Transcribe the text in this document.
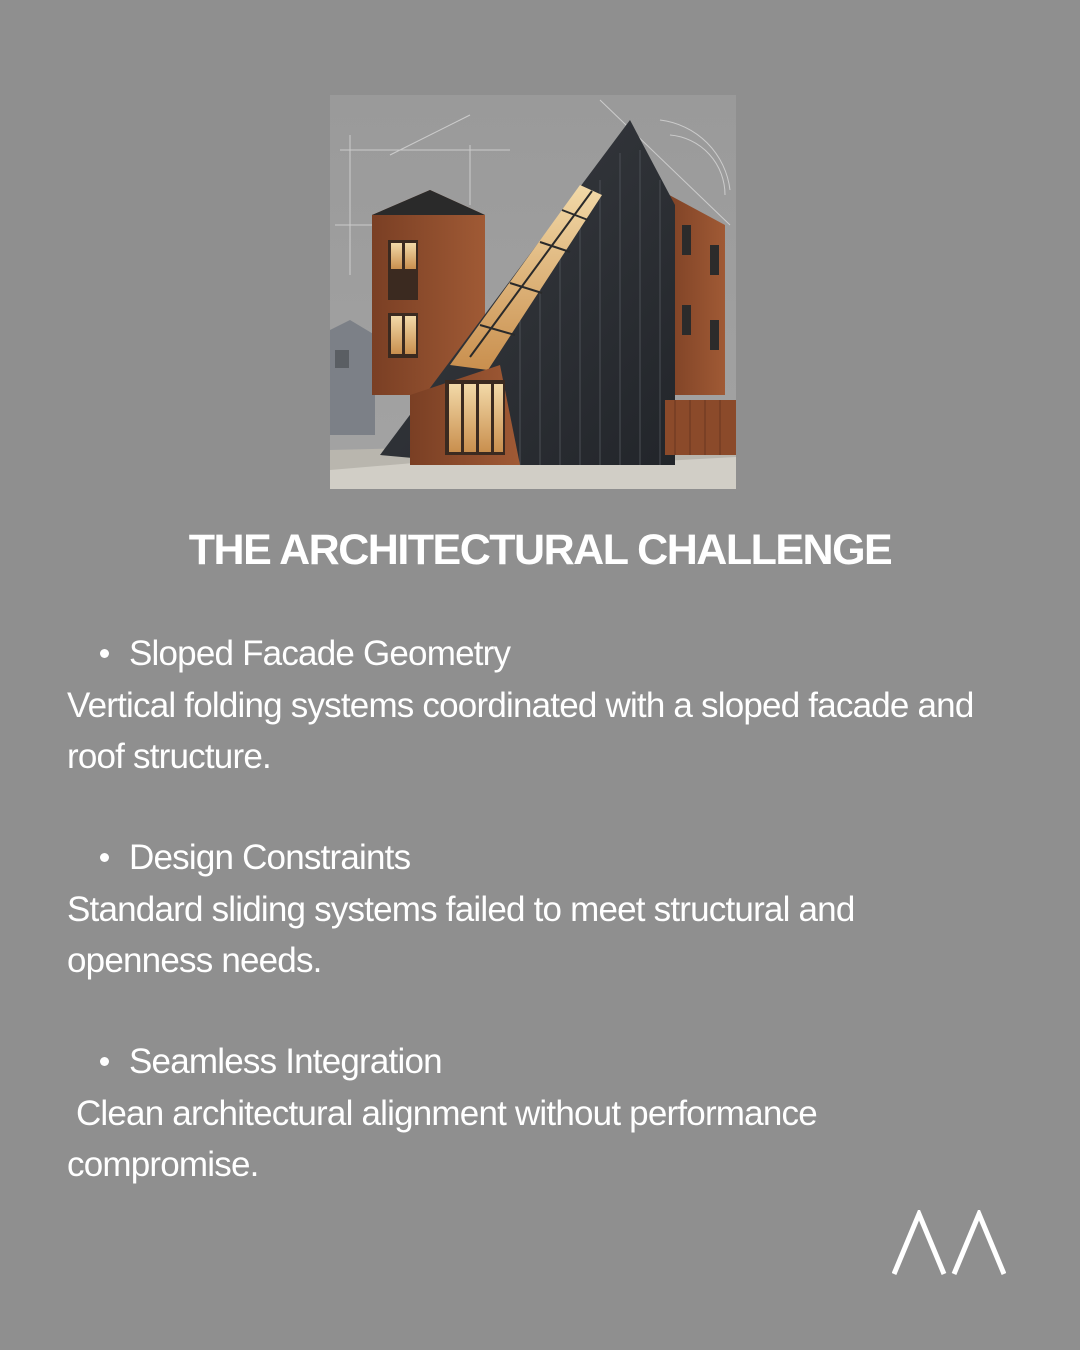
THE ARCHITECTURAL CHALLENGE
Sloped Facade Geometry

Vertical folding systems coordinated with a sloped facade and roof structure.

Design Constraints

Standard sliding systems failed to meet structural and openness needs.

Seamless Integration

Clean architectural alignment without performance compromise.
